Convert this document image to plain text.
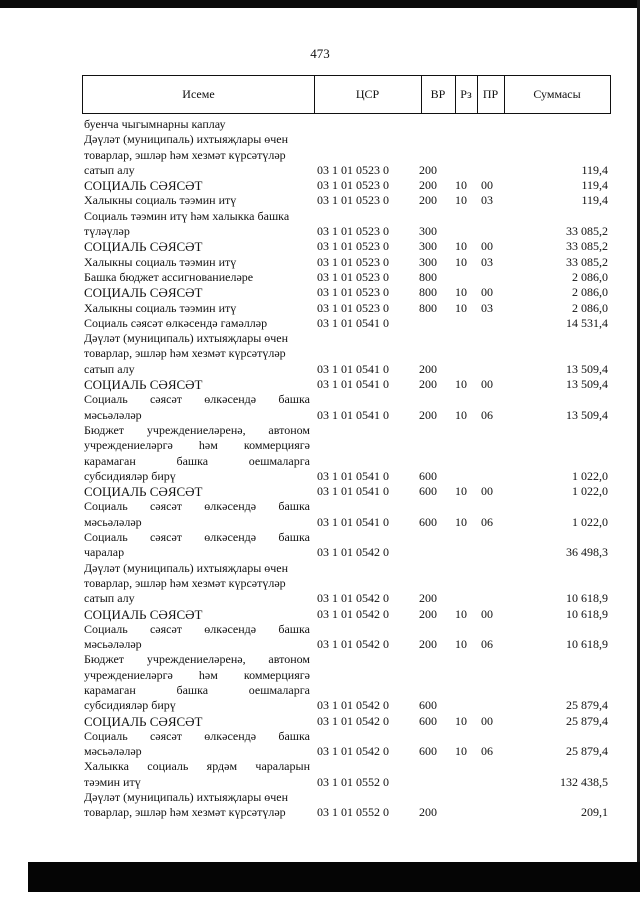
473
Исеме	ЦСР	ВР	Рз ПР	Суммасы
буенча чыгымнарны каплау
Дәүләт (муниципаль) ихтыяҗлары өчен
товарлар, эшләр һәм хезмәт күрсәтүләр
сатып алу	03 1 01 0523 0	200	119,4
СОЦИАЛЬ СӘЯСӘТ	03 1 01 0523 0	200 10 00	119,4
Халыкны социаль тәэмин итү	03 1 01 0523 0	200 10 03	119,4
Социаль тәэмин итү һәм халыкка башка
түләүләр	03 1 01 0523 0	300	33 085,2
СОЦИАЛЬ СӘЯСӘТ	03 1 01 0523 0	300 10 00	33 085,2
Халыкны социаль тәэмин итү	03 1 01 0523 0	300 10 03	33 085,2
Башка бюджет ассигнованиеләре	03 1 01 0523 0	800	2 086,0
СОЦИАЛЬ СӘЯСӘТ	03 1 01 0523 0	800 10 00	2 086,0
Халыкны социаль тәэмин итү	03 1 01 0523 0	800 10 03	2 086,0
Социаль сәясәт өлкәсендә гамәлләр	03 1 01 0541 0	14 531,4
Дәүләт (муниципаль) ихтыяҗлары өчен
товарлар, эшләр һәм хезмәт күрсәтүләр
сатып алу	03 1 01 0541 0	200	13 509,4
СОЦИАЛЬ СӘЯСӘТ	03 1 01 0541 0	200 10 00	13 509,4
Социаль сәясәт өлкәсендә башка
мәсьәләләр	03 1 01 0541 0	200 10 06	13 509,4
Бюджет учреждениеләренә, автоном
учреждениеләргә һәм коммерциягә
карамаган башка оешмаларга
субсидияләр бирү	03 1 01 0541 0	600	1 022,0
СОЦИАЛЬ СӘЯСӘТ	03 1 01 0541 0	600 10 00	1 022,0
Социаль сәясәт өлкәсендә башка
мәсьәләләр	03 1 01 0541 0	600 10 06	1 022,0
Социаль сәясәт өлкәсендә башка
чаралар	03 1 01 0542 0	36 498,3
Дәүләт (муниципаль) ихтыяҗлары өчен
товарлар, эшләр һәм хезмәт күрсәтүләр
сатып алу	03 1 01 0542 0	200	10 618,9
СОЦИАЛЬ СӘЯСӘТ	03 1 01 0542 0	200 10 00	10 618,9
Социаль сәясәт өлкәсендә башка
мәсьәләләр	03 1 01 0542 0	200 10 06	10 618,9
Бюджет учреждениеләренә, автоном
учреждениеләргә һәм коммерциягә
карамаган башка оешмаларга
субсидияләр бирү	03 1 01 0542 0	600	25 879,4
СОЦИАЛЬ СӘЯСӘТ	03 1 01 0542 0	600 10 00	25 879,4
Социаль сәясәт өлкәсендә башка
мәсьәләләр	03 1 01 0542 0	600 10 06	25 879,4
Халыкка социаль ярдәм чараларын
тәэмин итү	03 1 01 0552 0	132 438,5
Дәүләт (муниципаль) ихтыяҗлары өчен
товарлар, эшләр һәм хезмәт күрсәтүләр	03 1 01 0552 0	200	209,1
